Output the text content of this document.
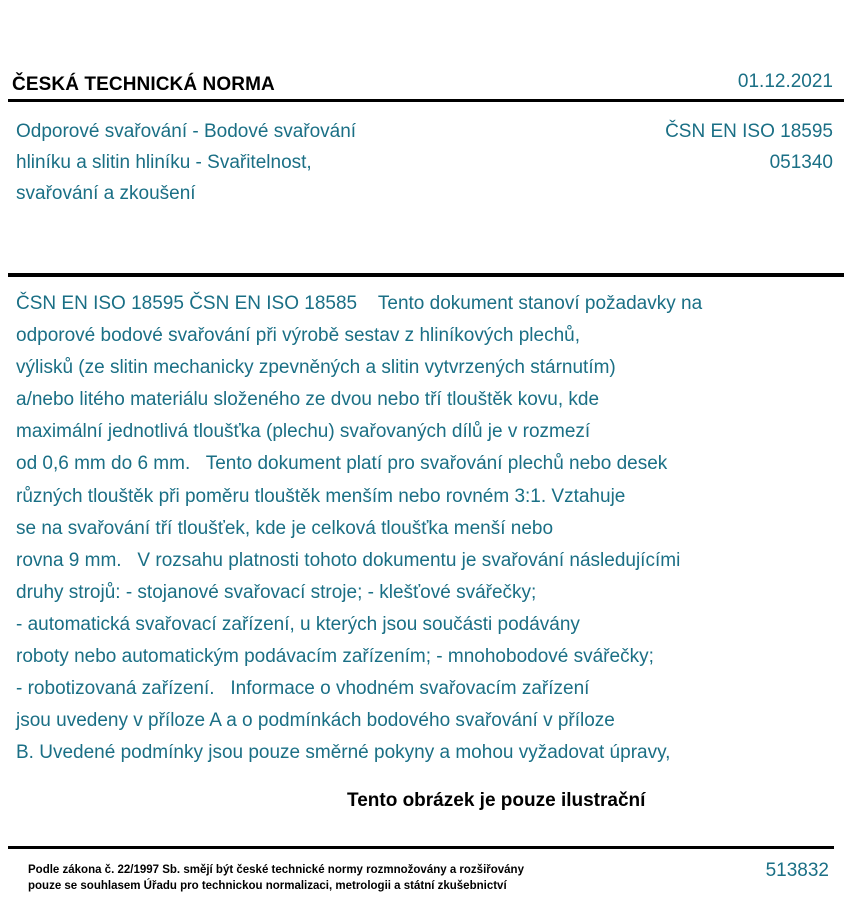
ČESKÁ TECHNICKÁ NORMA	01.12.2021
Odporové svařování - Bodové svařování
hliníku a slitin hliníku - Svařitelnost,
svařování a zkoušení
ČSN EN ISO 18595
051340
ČSN EN ISO 18595 ČSN EN ISO 18585    Tento dokument stanoví požadavky na
odporové bodové svařování při výrobě sestav z hliníkových plechů,
výlisků (ze slitin mechanicky zpevněných a slitin vytvrzených stárnutím)
a/nebo litého materiálu složeného ze dvou nebo tří tlouštěk kovu, kde
maximální jednotlivá tloušťka (plechu) svařovaných dílů je v rozmezí
od 0,6 mm do 6 mm.   Tento dokument platí pro svařování plechů nebo desek
různých tlouštěk při poměru tlouštěk menším nebo rovném 3:1. Vztahuje
se na svařování tří tloušťek, kde je celková tloušťka menší nebo
rovna 9 mm.   V rozsahu platnosti tohoto dokumentu je svařování následujícími
druhy strojů: - stojanové svařovací stroje; - klešťové svářečky;
- automatická svařovací zařízení, u kterých jsou součásti podávány
roboty nebo automatickým podávacím zařízením; - mnohobodové svářečky;
- robotizovaná zařízení.   Informace o vhodném svařovacím zařízení
jsou uvedeny v příloze A a o podmínkách bodového svařování v příloze
B. Uvedené podmínky jsou pouze směrné pokyny a mohou vyžadovat úpravy,
Tento obrázek je pouze ilustrační
Podle zákona č. 22/1997 Sb. smějí být české technické normy rozmnožovány a rozšiřovány
pouze se souhlasem Úřadu pro technickou normalizaci, metrologii a státní zkušebnictví
513832
